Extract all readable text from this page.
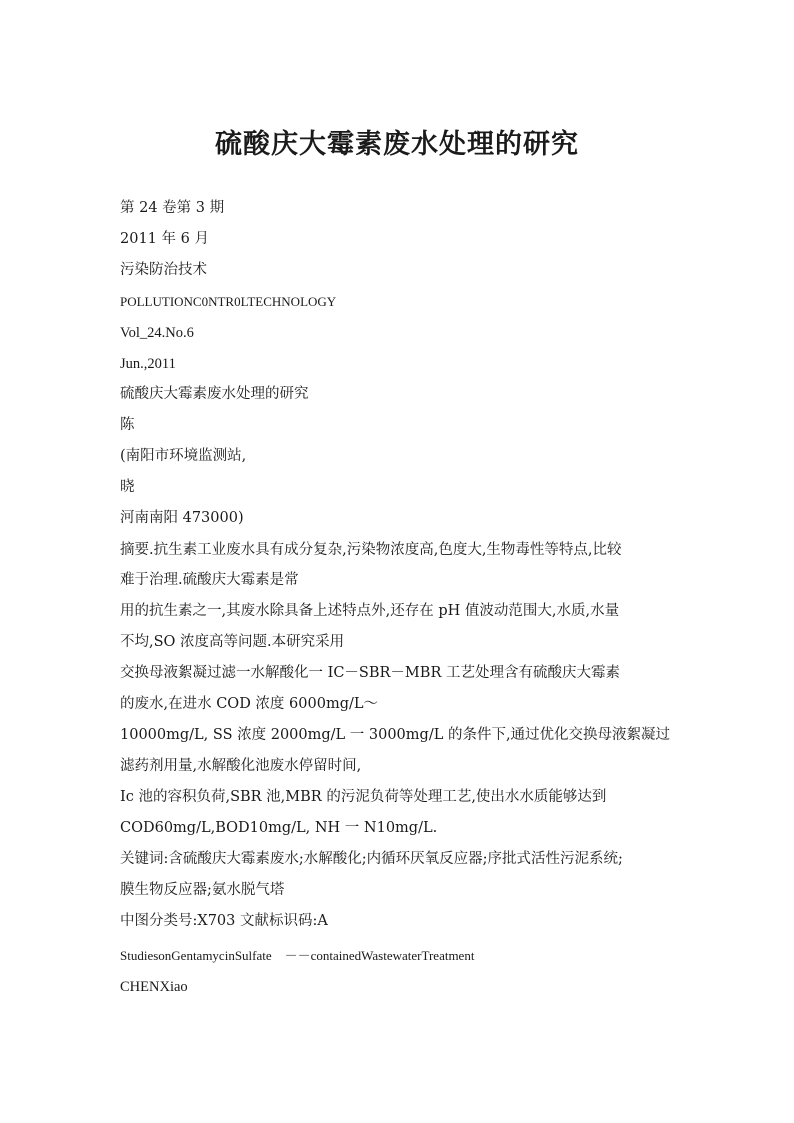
硫酸庆大霉素废水处理的研究
第 24 卷第 3 期
2011 年 6 月
污染防治技术
POLLUTIONC0NTR0LTECHNOLOGY
Vol_24.No.6
Jun.,2011
硫酸庆大霉素废水处理的研究
陈
(南阳市环境监测站,
晓
河南南阳 473000)
摘要.抗生素工业废水具有成分复杂,污染物浓度高,色度大,生物毒性等特点,比较
难于治理.硫酸庆大霉素是常
用的抗生素之一,其废水除具备上述特点外,还存在 pH 值波动范围大,水质,水量
不均,SO 浓度高等问题.本研究采用
交换母液絮凝过滤一水解酸化一 IC－SBR－MBR 工艺处理含有硫酸庆大霉素
的废水,在进水 COD 浓度 6000mg/L～
10000mg/L, SS 浓度 2000mg/L 一 3000mg/L 的条件下,通过优化交换母液絮凝过
滤药剂用量,水解酸化池废水停留时间,
Ic 池的容积负荷,SBR 池,MBR 的污泥负荷等处理工艺,使出水水质能够达到
COD60mg/L,BOD10mg/L, NH 一 N10mg/L.
关键词:含硫酸庆大霉素废水;水解酸化;内循环厌氧反应器;序批式活性污泥系统;
膜生物反应器;氨水脱气塔
中图分类号:X703 文献标识码:A
StudiesonGentamycinSulfate　－－containedWastewaterTreatment
CHENXiao
